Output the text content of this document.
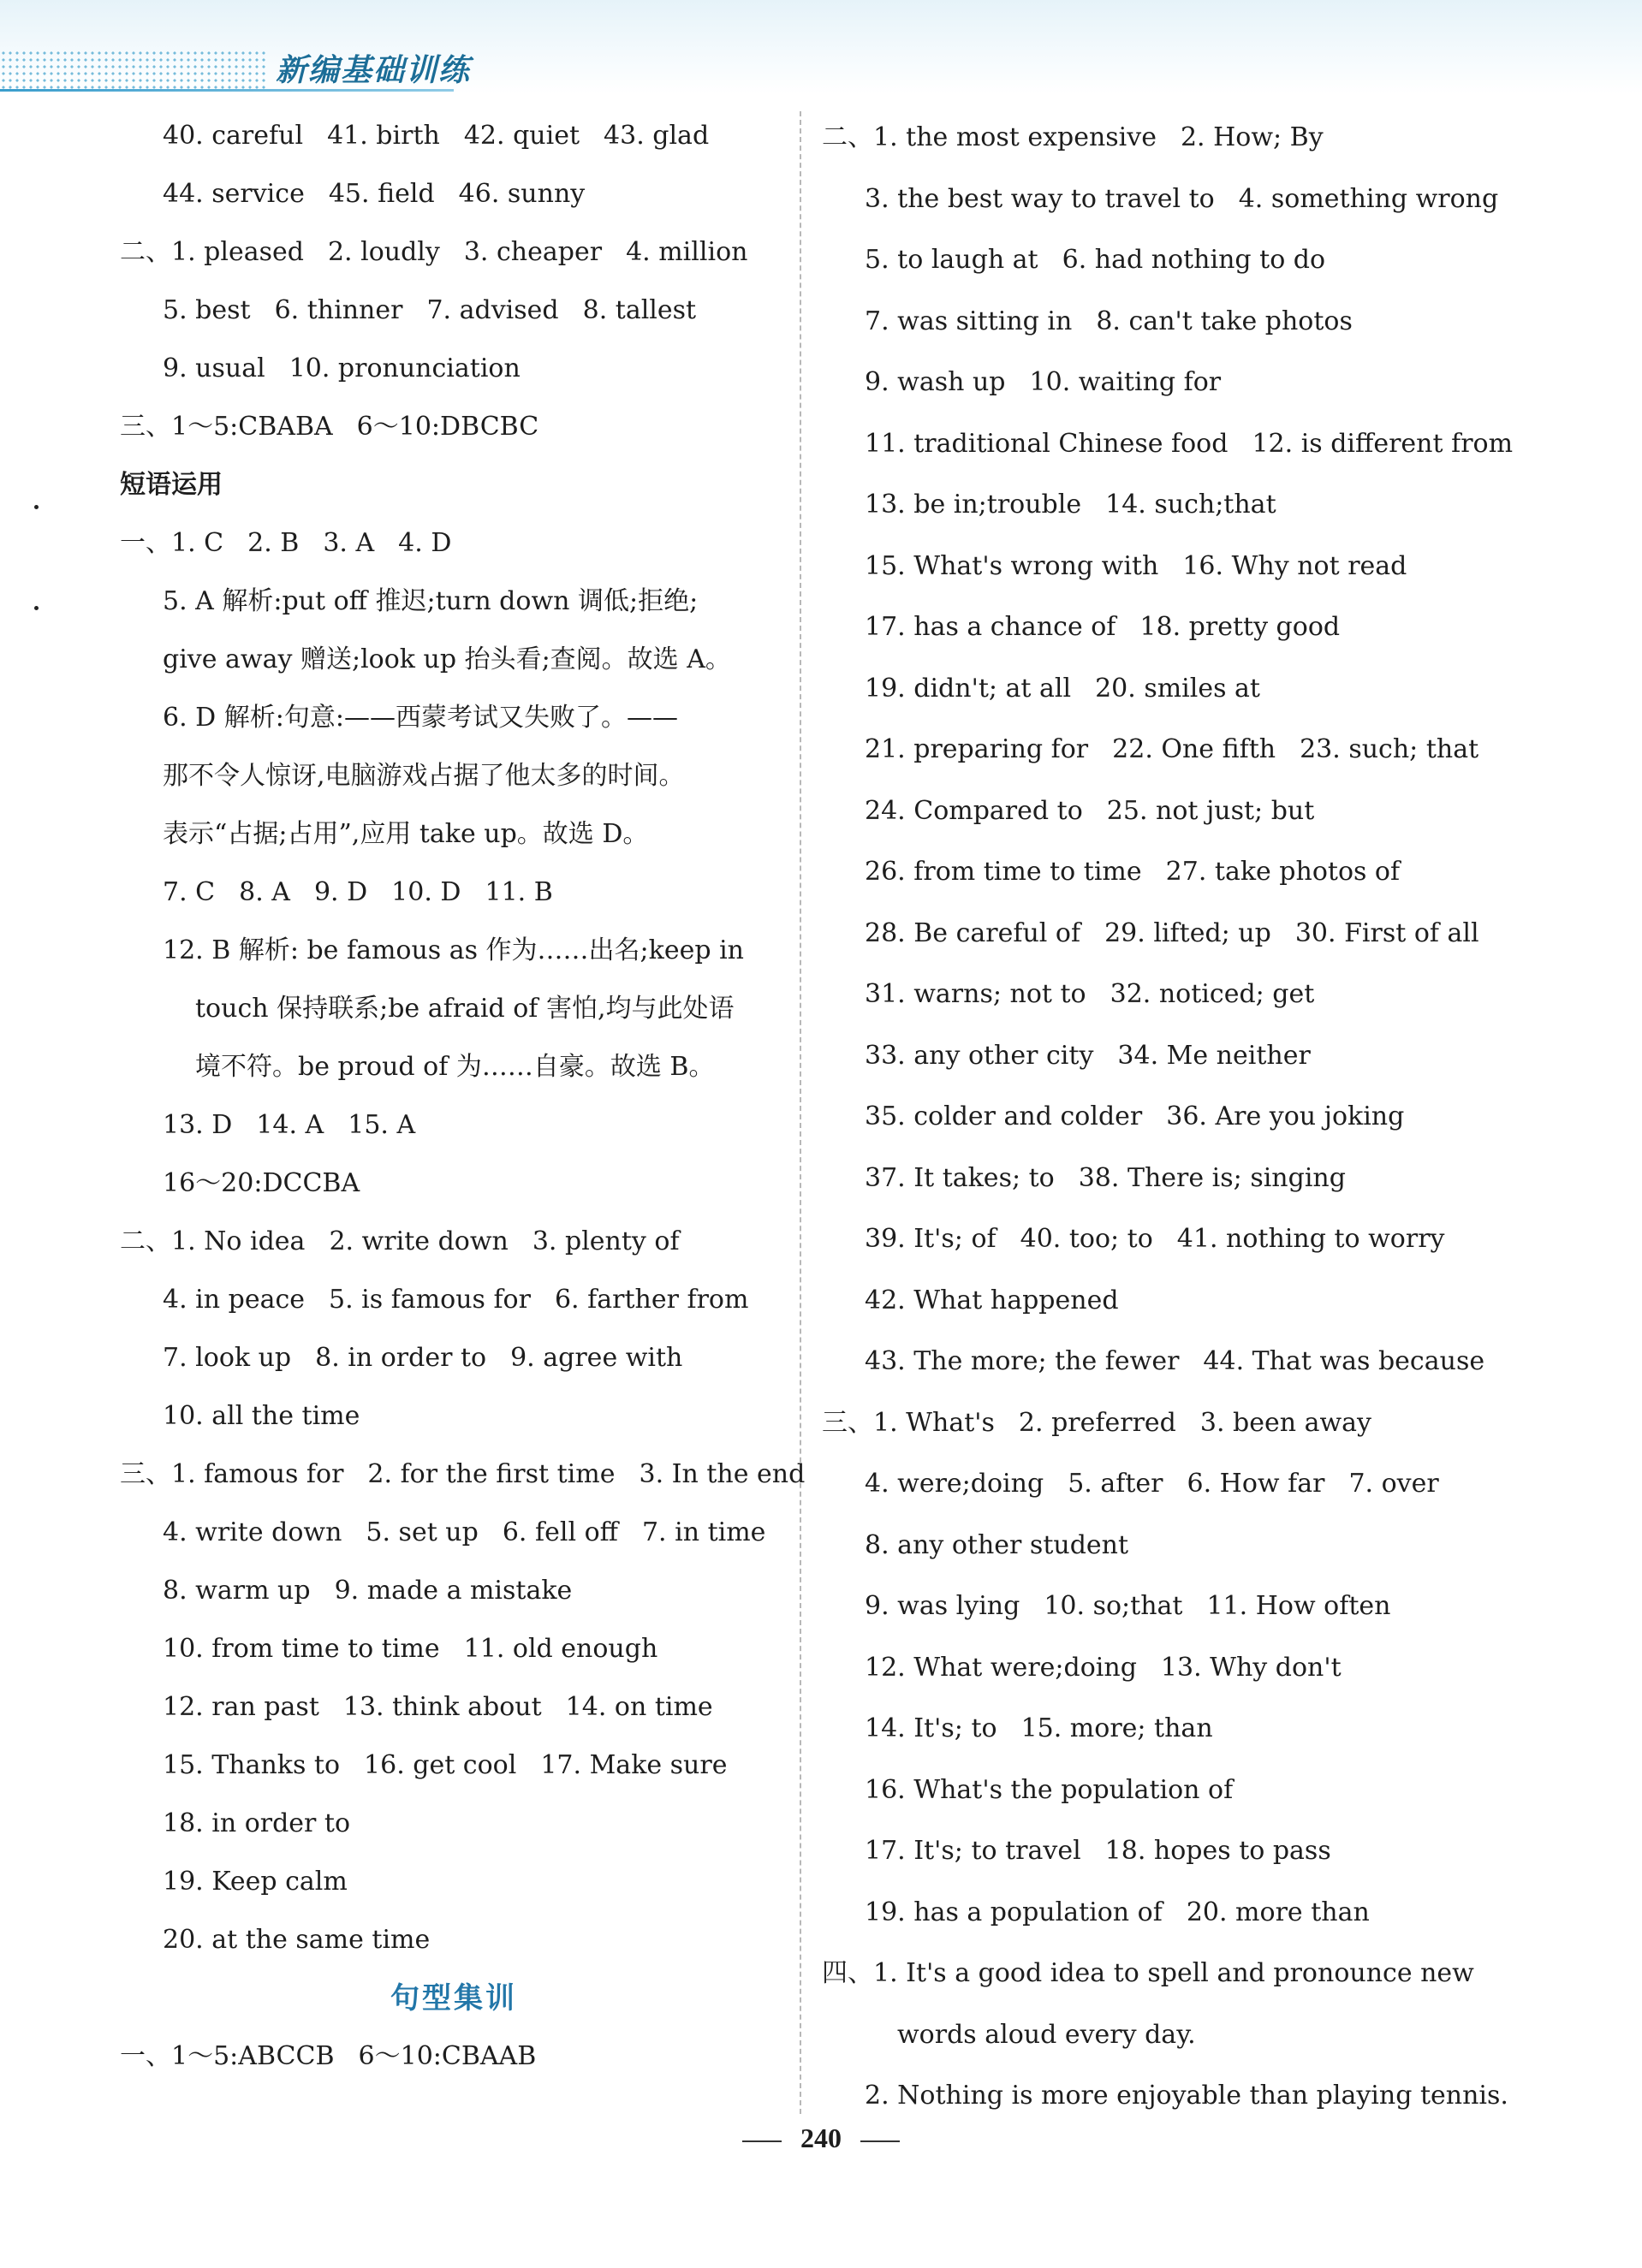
新编基础训练
40. careful 41. birth 42. quiet 43. glad
44. service 45. field 46. sunny
二、1. pleased 2. loudly 3. cheaper 4. million
5. best 6. thinner 7. advised 8. tallest
9. usual 10. pronunciation
三、1～5:CBABA 6～10:DBCBC
短语运用
一、1. C 2. B 3. A 4. D
5. A 解析:put off 推迟;turn down 调低;拒绝;
give away 赠送;look up 抬头看;查阅。故选 A。
6. D 解析:句意:——西蒙考试又失败了。——
那不令人惊讶,电脑游戏占据了他太多的时间。
表示“占据;占用”,应用 take up。故选 D。
7. C 8. A 9. D 10. D 11. B
12. B 解析: be famous as 作为……出名;keep in
touch 保持联系;be afraid of 害怕,均与此处语
境不符。be proud of 为……自豪。故选 B。
13. D 14. A 15. A
16～20:DCCBA
二、1. No idea 2. write down 3. plenty of
4. in peace 5. is famous for 6. farther from
7. look up 8. in order to 9. agree with
10. all the time
三、1. famous for 2. for the first time 3. In the end
4. write down 5. set up 6. fell off 7. in time
8. warm up 9. made a mistake
10. from time to time 11. old enough
12. ran past 13. think about 14. on time
15. Thanks to 16. get cool 17. Make sure
18. in order to
19. Keep calm
20. at the same time
句型集训
一、1～5:ABCCB 6～10:CBAAB
二、1. the most expensive 2. How; By
3. the best way to travel to 4. something wrong
5. to laugh at 6. had nothing to do
7. was sitting in 8. can't take photos
9. wash up 10. waiting for
11. traditional Chinese food 12. is different from
13. be in;trouble 14. such;that
15. What's wrong with 16. Why not read
17. has a chance of 18. pretty good
19. didn't; at all 20. smiles at
21. preparing for 22. One fifth 23. such; that
24. Compared to 25. not just; but
26. from time to time 27. take photos of
28. Be careful of 29. lifted; up 30. First of all
31. warns; not to 32. noticed; get
33. any other city 34. Me neither
35. colder and colder 36. Are you joking
37. It takes; to 38. There is; singing
39. It's; of 40. too; to 41. nothing to worry
42. What happened
43. The more; the fewer 44. That was because
三、1. What's 2. preferred 3. been away
4. were;doing 5. after 6. How far 7. over
8. any other student
9. was lying 10. so;that 11. How often
12. What were;doing 13. Why don't
14. It's; to 15. more; than
16. What's the population of
17. It's; to travel 18. hopes to pass
19. has a population of 20. more than
四、1. It's a good idea to spell and pronounce new
words aloud every day.
2. Nothing is more enjoyable than playing tennis.
240
